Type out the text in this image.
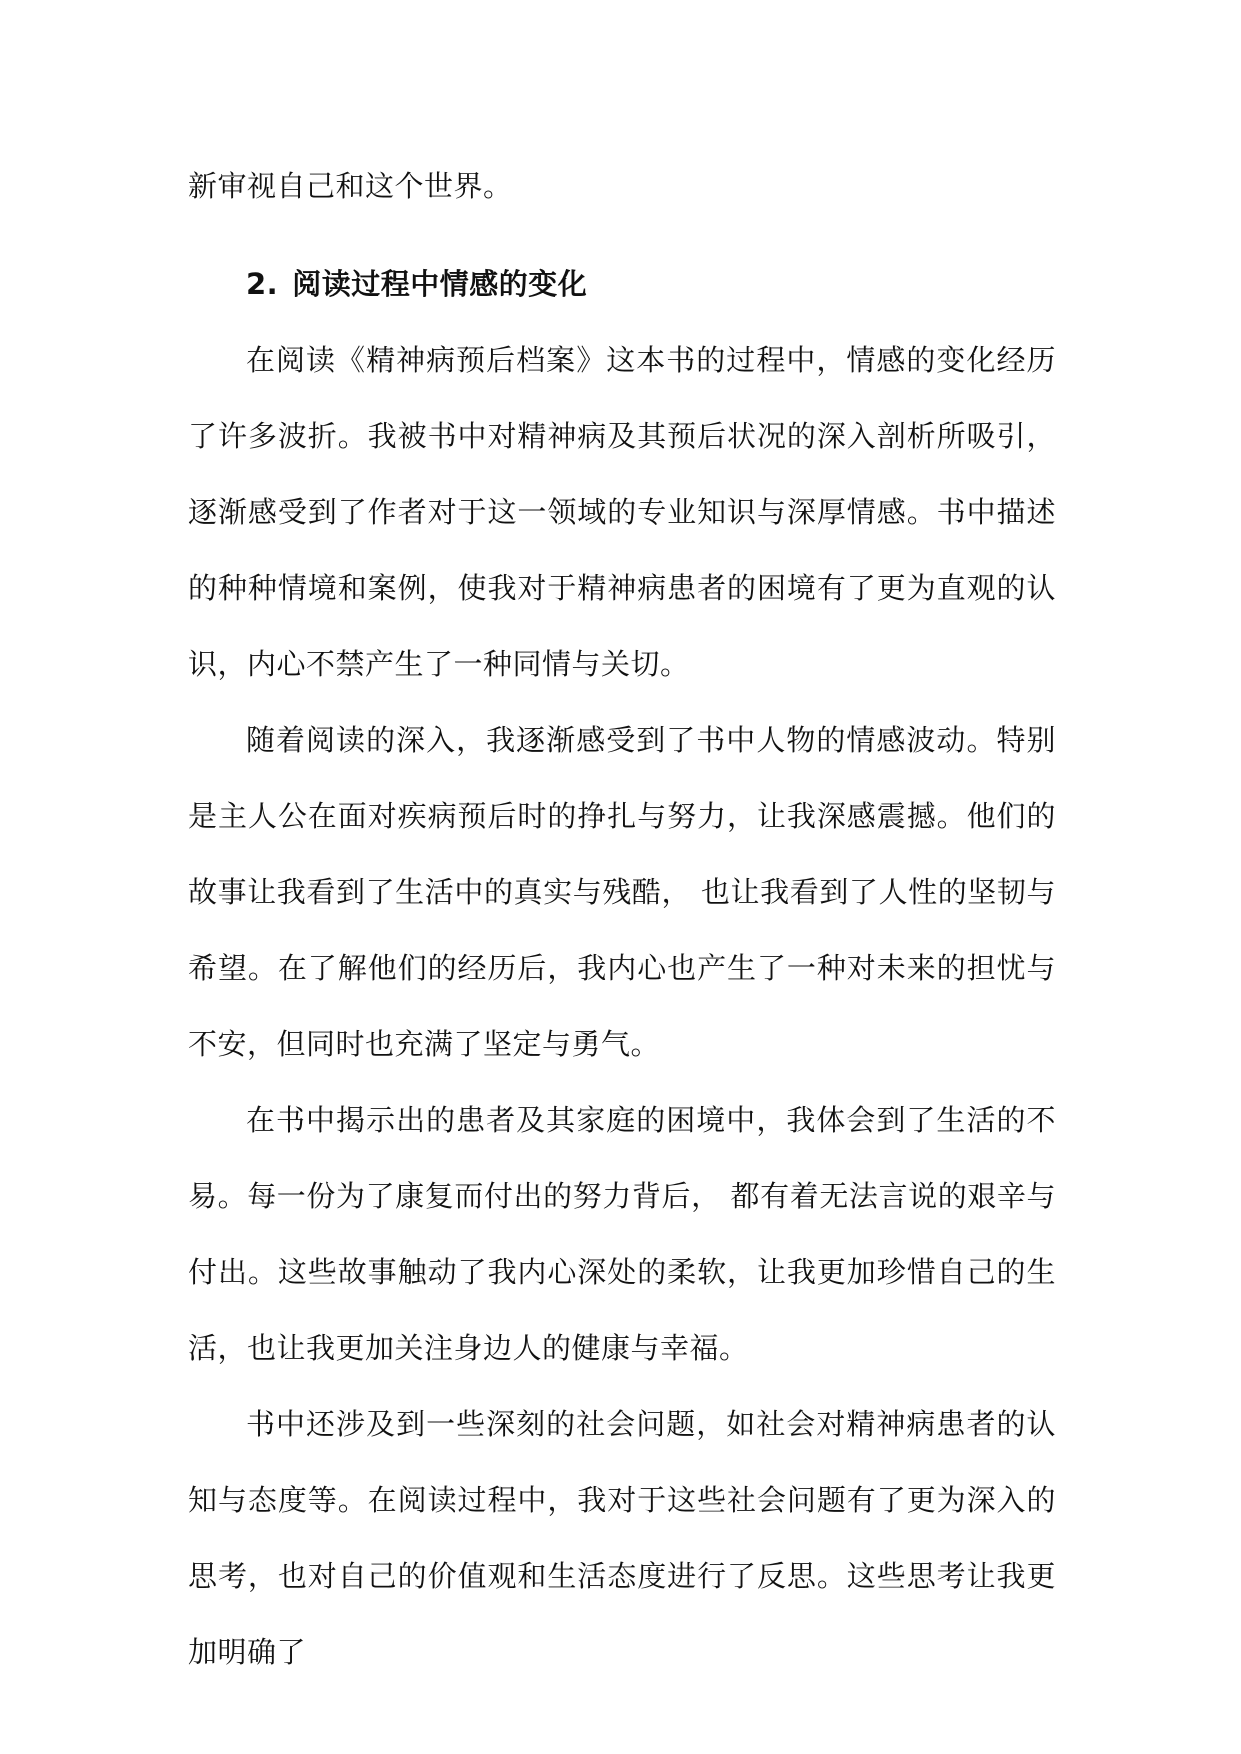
新审视自己和这个世界。

2. 阅读过程中情感的变化

在阅读《精神病预后档案》这本书的过程中，情感的变化经历了许多波折。我被书中对精神病及其预后状况的深入剖析所吸引，逐渐感受到了作者对于这一领域的专业知识与深厚情感。书中描述的种种情境和案例，使我对于精神病患者的困境有了更为直观的认识，内心不禁产生了一种同情与关切。

随着阅读的深入，我逐渐感受到了书中人物的情感波动。特别是主人公在面对疾病预后时的挣扎与努力，让我深感震撼。他们的故事让我看到了生活中的真实与残酷， 也让我看到了人性的坚韧与希望。在了解他们的经历后，我内心也产生了一种对未来的担忧与不安，但同时也充满了坚定与勇气。

在书中揭示出的患者及其家庭的困境中，我体会到了生活的不易。每一份为了康复而付出的努力背后， 都有着无法言说的艰辛与付出。这些故事触动了我内心深处的柔软，让我更加珍惜自己的生活，也让我更加关注身边人的健康与幸福。

书中还涉及到一些深刻的社会问题，如社会对精神病患者的认知与态度等。在阅读过程中，我对于这些社会问题有了更为深入的思考，也对自己的价值观和生活态度进行了反思。这些思考让我更加明确了
